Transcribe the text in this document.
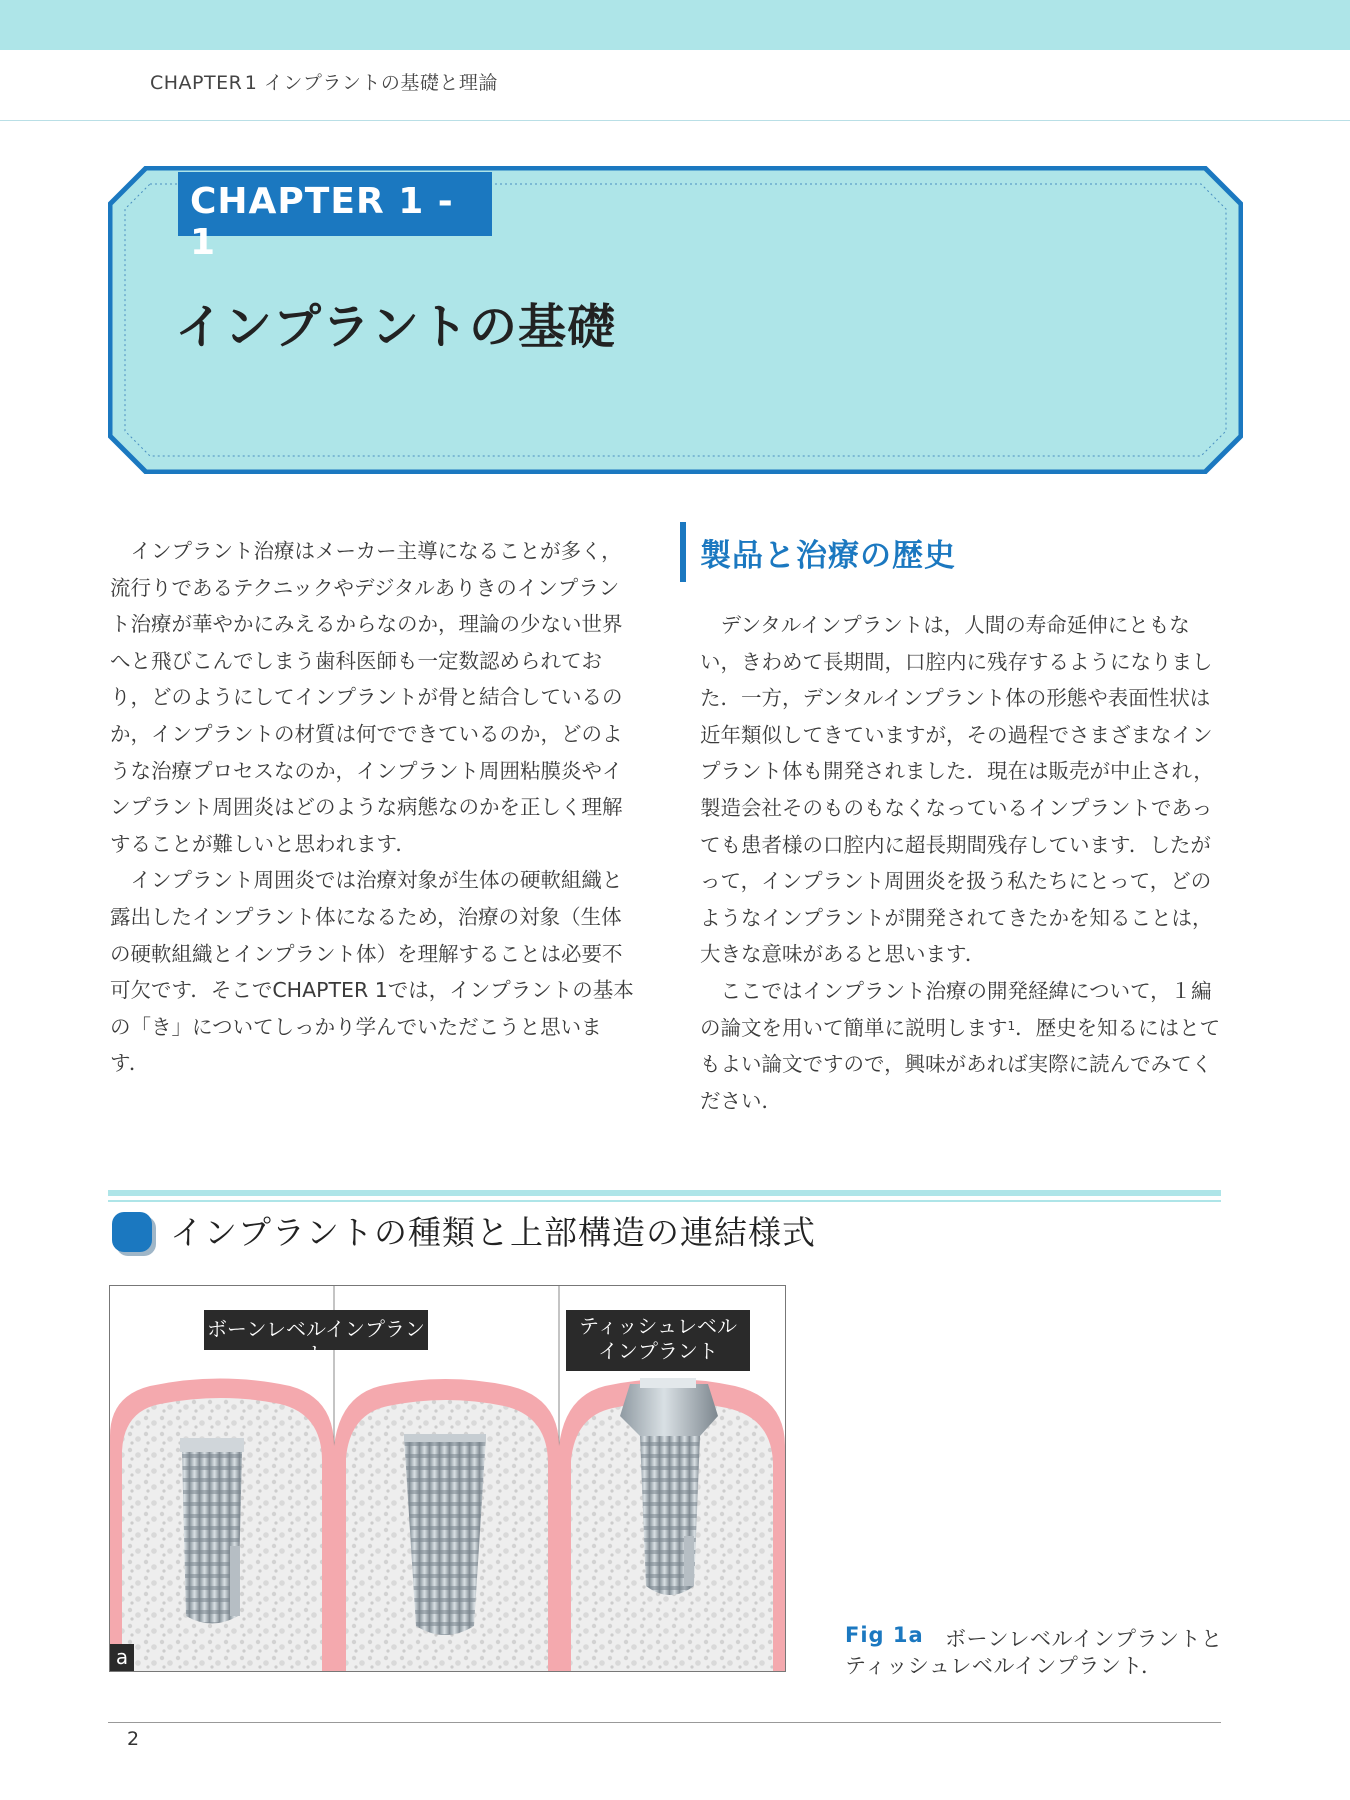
CHAPTER 1 インプラントの基礎と理論
CHAPTER 1 - 1
インプラントの基礎

インプラント治療はメーカー主導になることが多く，流行りであるテクニックやデジタルありきのインプラント治療が華やかにみえるからなのか，理論の少ない世界へと飛びこんでしまう歯科医師も一定数認められており，どのようにしてインプラントが骨と結合しているのか，インプラントの材質は何でできているのか，どのような治療プロセスなのか，インプラント周囲粘膜炎やインプラント周囲炎はどのような病態なのかを正しく理解することが難しいと思われます．

インプラント周囲炎では治療対象が生体の硬軟組織と露出したインプラント体になるため，治療の対象（生体の硬軟組織とインプラント体）を理解することは必要不可欠です．そこでCHAPTER 1では，インプラントの基本の「き」についてしっかり学んでいただこうと思います．

製品と治療の歴史

デンタルインプラントは，人間の寿命延伸にともない，きわめて長期間，口腔内に残存するようになりました．一方，デンタルインプラント体の形態や表面性状は近年類似してきていますが，その過程でさまざまなインプラント体も開発されました．現在は販売が中止され，製造会社そのものもなくなっているインプラントであっても患者様の口腔内に超長期間残存しています．したがって，インプラント周囲炎を扱う私たちにとって，どのようなインプラントが開発されてきたかを知ることは，大きな意味があると思います．

ここではインプラント治療の開発経緯について，１編の論文を用いて簡単に説明します$^1$．歴史を知るにはとてもよい論文ですので，興味があれば実際に読んでみてください．

インプラントの種類と上部構造の連結様式
ボーンレベルインプラント
ティッシュレベル
インプラント
a
Fig 1a ボーンレベルインプラントと
ティッシュレベルインプラント．
2
